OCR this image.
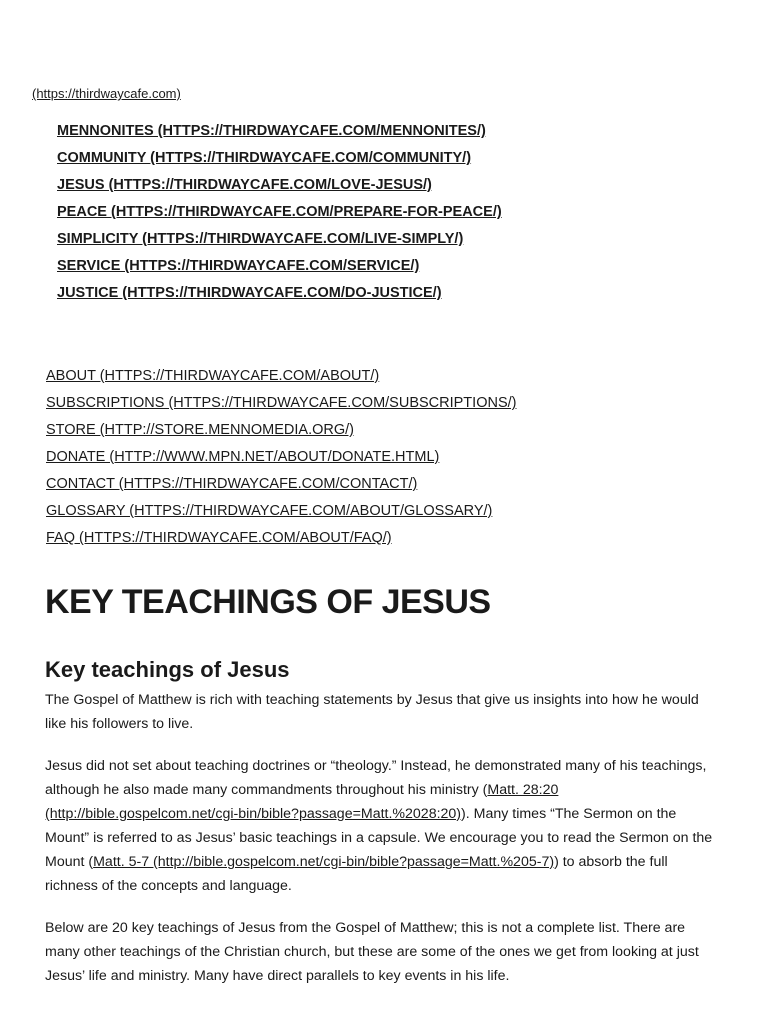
(https://thirdwaycafe.com)
MENNONITES (HTTPS://THIRDWAYCAFE.COM/MENNONITES/)
COMMUNITY (HTTPS://THIRDWAYCAFE.COM/COMMUNITY/)
JESUS (HTTPS://THIRDWAYCAFE.COM/LOVE-JESUS/)
PEACE (HTTPS://THIRDWAYCAFE.COM/PREPARE-FOR-PEACE/)
SIMPLICITY (HTTPS://THIRDWAYCAFE.COM/LIVE-SIMPLY/)
SERVICE (HTTPS://THIRDWAYCAFE.COM/SERVICE/)
JUSTICE (HTTPS://THIRDWAYCAFE.COM/DO-JUSTICE/)
ABOUT (HTTPS://THIRDWAYCAFE.COM/ABOUT/)
SUBSCRIPTIONS (HTTPS://THIRDWAYCAFE.COM/SUBSCRIPTIONS/)
STORE (HTTP://STORE.MENNOMEDIA.ORG/)
DONATE (HTTP://WWW.MPN.NET/ABOUT/DONATE.HTML)
CONTACT (HTTPS://THIRDWAYCAFE.COM/CONTACT/)
GLOSSARY (HTTPS://THIRDWAYCAFE.COM/ABOUT/GLOSSARY/)
FAQ (HTTPS://THIRDWAYCAFE.COM/ABOUT/FAQ/)
KEY TEACHINGS OF JESUS
Key teachings of Jesus

The Gospel of Matthew is rich with teaching statements by Jesus that give us insights into how he would like his followers to live.

Jesus did not set about teaching doctrines or “theology.” Instead, he demonstrated many of his teachings, although he also made many commandments throughout his ministry (Matt. 28:20 (http://bible.gospelcom.net/cgi-bin/bible?passage=Matt.%2028:20)). Many times “The Sermon on the Mount” is referred to as Jesus’ basic teachings in a capsule. We encourage you to read the Sermon on the Mount (Matt. 5-7 (http://bible.gospelcom.net/cgi-bin/bible?passage=Matt.%205-7)) to absorb the full richness of the concepts and language.

Below are 20 key teachings of Jesus from the Gospel of Matthew; this is not a complete list. There are many other teachings of the Christian church, but these are some of the ones we get from looking at just Jesus’ life and ministry. Many have direct parallels to key events in his life.
